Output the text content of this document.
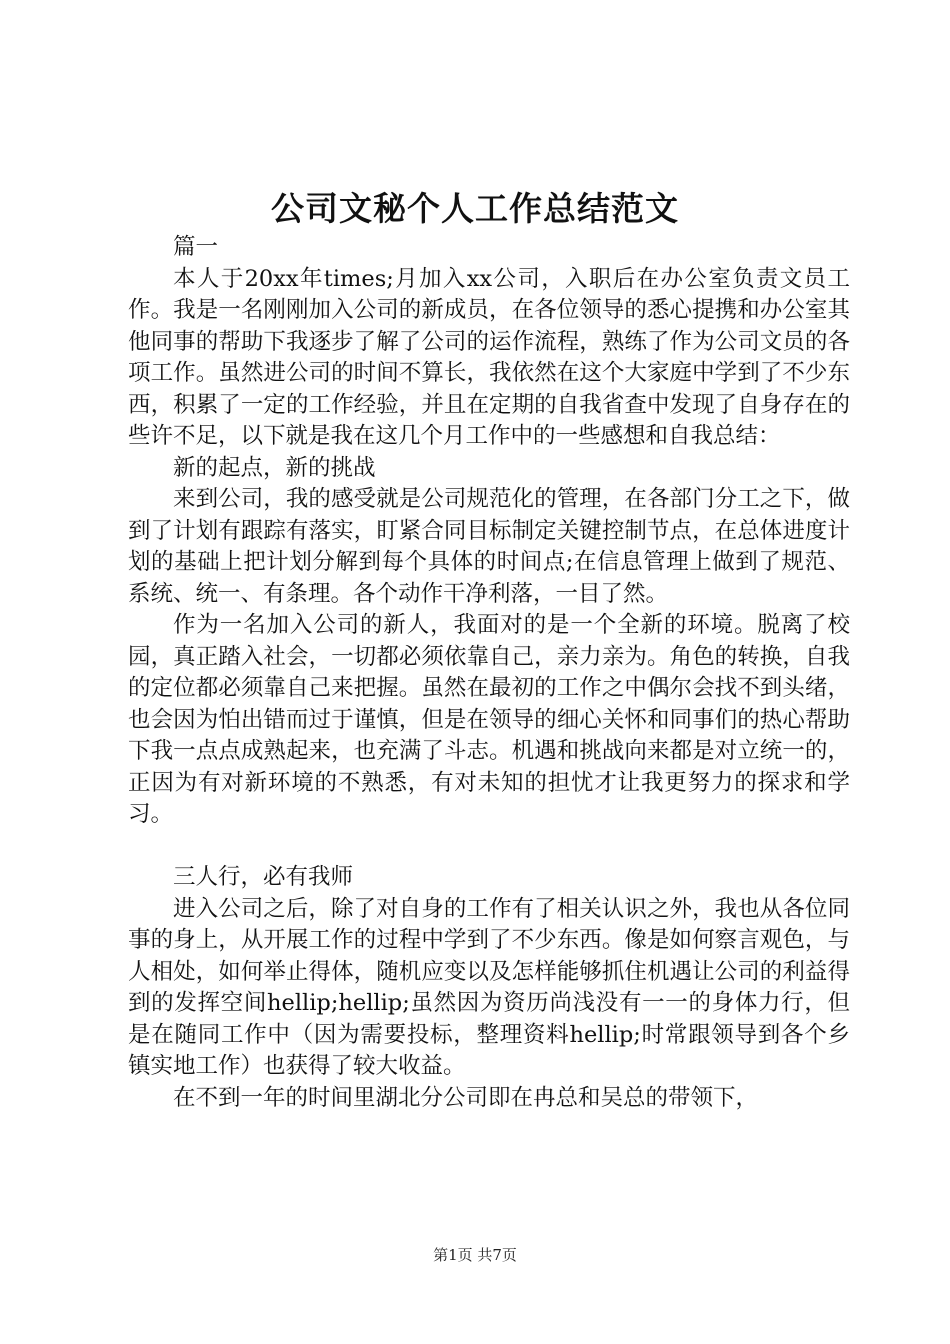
公司文秘个人工作总结范文

篇一

本人于20xx年times;月加入xx公司，入职后在办公室负责文员工作。我是一名刚刚加入公司的新成员，在各位领导的悉心提携和办公室其他同事的帮助下我逐步了解了公司的运作流程，熟练了作为公司文员的各项工作。虽然进公司的时间不算长，我依然在这个大家庭中学到了不少东西，积累了一定的工作经验，并且在定期的自我省查中发现了自身存在的些许不足，以下就是我在这几个月工作中的一些感想和自我总结：

新的起点，新的挑战

来到公司，我的感受就是公司规范化的管理，在各部门分工之下，做到了计划有跟踪有落实，盯紧合同目标制定关键控制节点，在总体进度计划的基础上把计划分解到每个具体的时间点;在信息管理上做到了规范、系统、统一、有条理。各个动作干净利落，一目了然。

作为一名加入公司的新人，我面对的是一个全新的环境。脱离了校园，真正踏入社会，一切都必须依靠自己，亲力亲为。角色的转换，自我的定位都必须靠自己来把握。虽然在最初的工作之中偶尔会找不到头绪，也会因为怕出错而过于谨慎，但是在领导的细心关怀和同事们的热心帮助下我一点点成熟起来，也充满了斗志。机遇和挑战向来都是对立统一的，正因为有对新环境的不熟悉，有对未知的担忧才让我更努力的探求和学习。

三人行，必有我师

进入公司之后，除了对自身的工作有了相关认识之外，我也从各位同事的身上，从开展工作的过程中学到了不少东西。像是如何察言观色，与人相处，如何举止得体，随机应变以及怎样能够抓住机遇让公司的利益得到的发挥空间hellip;hellip;虽然因为资历尚浅没有一一的身体力行，但是在随同工作中（因为需要投标，整理资料hellip;时常跟领导到各个乡镇实地工作）也获得了较大收益。

在不到一年的时间里湖北分公司即在冉总和吴总的带领下，

第1页 共7页
